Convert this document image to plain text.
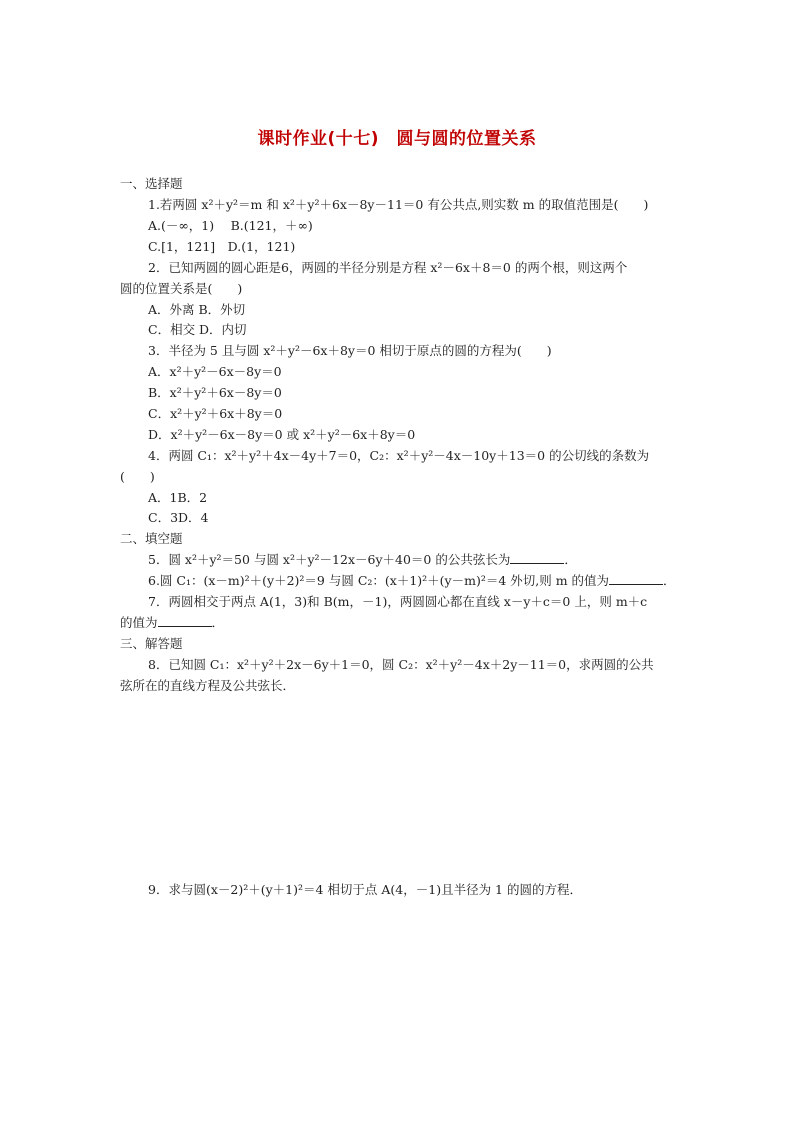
课时作业(十七)　圆与圆的位置关系
一、选择题
1.若两圆 x²＋y²＝m 和 x²＋y²＋6x－8y－11＝0 有公共点,则实数 m 的取值范围是(　　)
A.(－∞，1)　 B.(121，＋∞)
C.[1，121]　D.(1，121)
2．已知两圆的圆心距是6，两圆的半径分别是方程 x²－6x＋8＝0 的两个根，则这两个
圆的位置关系是(　　)
A．外离 B．外切
C．相交 D．内切
3．半径为 5 且与圆 x²＋y²－6x＋8y＝0 相切于原点的圆的方程为(　　)
A．x²＋y²－6x－8y＝0
B．x²＋y²＋6x－8y＝0
C．x²＋y²＋6x＋8y＝0
D．x²＋y²－6x－8y＝0 或 x²＋y²－6x＋8y＝0
4．两圆 C₁：x²＋y²＋4x－4y＋7＝0，C₂：x²＋y²－4x－10y＋13＝0 的公切线的条数为
(　　)
A．1B．2
C．3D．4
二、填空题
5．圆 x²＋y²＝50 与圆 x²＋y²－12x－6y＋40＝0 的公共弦长为	．
6.圆 C₁：(x－m)²＋(y＋2)²＝9 与圆 C₂：(x＋1)²＋(y－m)²＝4 外切,则 m 的值为	．
7．两圆相交于两点 A(1，3)和 B(m，－1)，两圆圆心都在直线 x－y＋c＝0 上，则 m＋c
的值为	．
三、解答题
8．已知圆 C₁：x²＋y²＋2x－6y＋1＝0，圆 C₂：x²＋y²－4x＋2y－11＝0，求两圆的公共
弦所在的直线方程及公共弦长．
9．求与圆(x－2)²＋(y＋1)²＝4 相切于点 A(4，－1)且半径为 1 的圆的方程．
